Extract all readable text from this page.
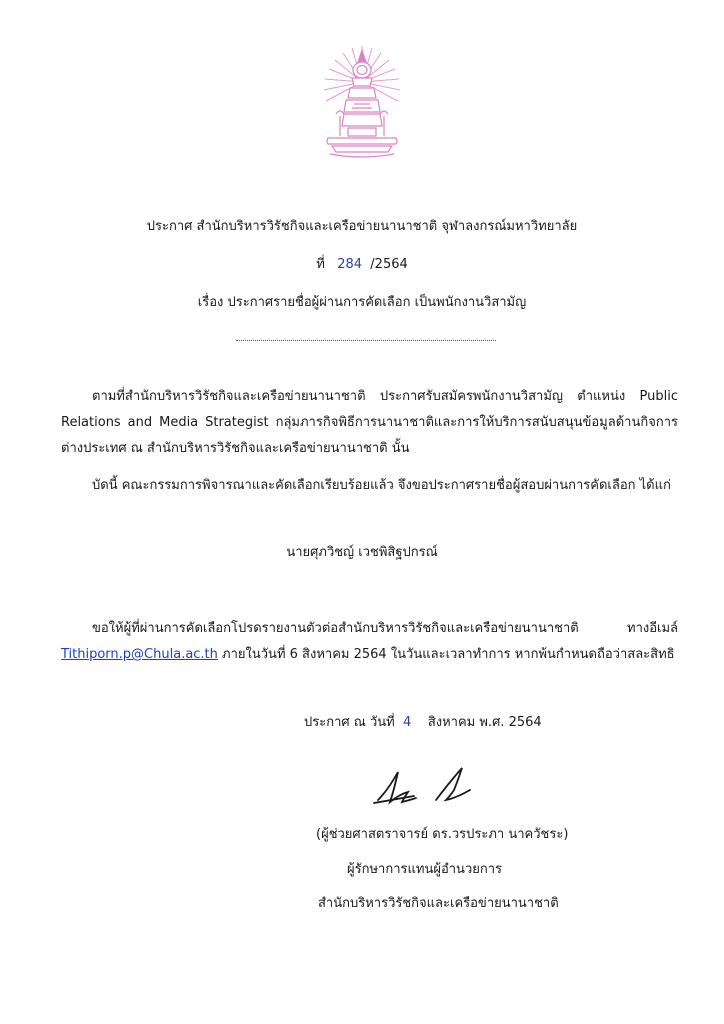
ประกาศ สำนักบริหารวิรัชกิจและเครือข่ายนานาชาติ จุฬาลงกรณ์มหาวิทยาลัย
ที่ 284 /2564
เรื่อง ประกาศรายชื่อผู้ผ่านการคัดเลือก เป็นพนักงานวิสามัญ
ตามที่สำนักบริหารวิรัชกิจและเครือข่ายนานาชาติ ประกาศรับสมัครพนักงานวิสามัญ ตำแหน่ง Public Relations and Media Strategist กลุ่มภารกิจพิธีการนานาชาติและการให้บริการสนับสนุนข้อมูลด้านกิจการต่างประเทศ ณ สำนักบริหารวิรัชกิจและเครือข่ายนานาชาติ นั้น
บัดนี้ คณะกรรมการพิจารณาและคัดเลือกเรียบร้อยแล้ว จึงขอประกาศรายชื่อผู้สอบผ่านการคัดเลือก ได้แก่
นายศุภวิชญ์ เวชพิสิฐปกรณ์
ขอให้ผู้ที่ผ่านการคัดเลือกโปรดรายงานตัวต่อสำนักบริหารวิรัชกิจและเครือข่ายนานาชาติ ทางอีเมล์ Tithiporn.p@Chula.ac.th ภายในวันที่ 6 สิงหาคม 2564 ในวันและเวลาทำการ หากพ้นกำหนดถือว่าสละสิทธิ
ประกาศ ณ วันที่ 4 สิงหาคม พ.ศ. 2564
(ผู้ช่วยศาสตราจารย์ ดร.วรประภา นาควัชระ)
ผู้รักษาการแทนผู้อำนวยการ
สำนักบริหารวิรัชกิจและเครือข่ายนานาชาติ
